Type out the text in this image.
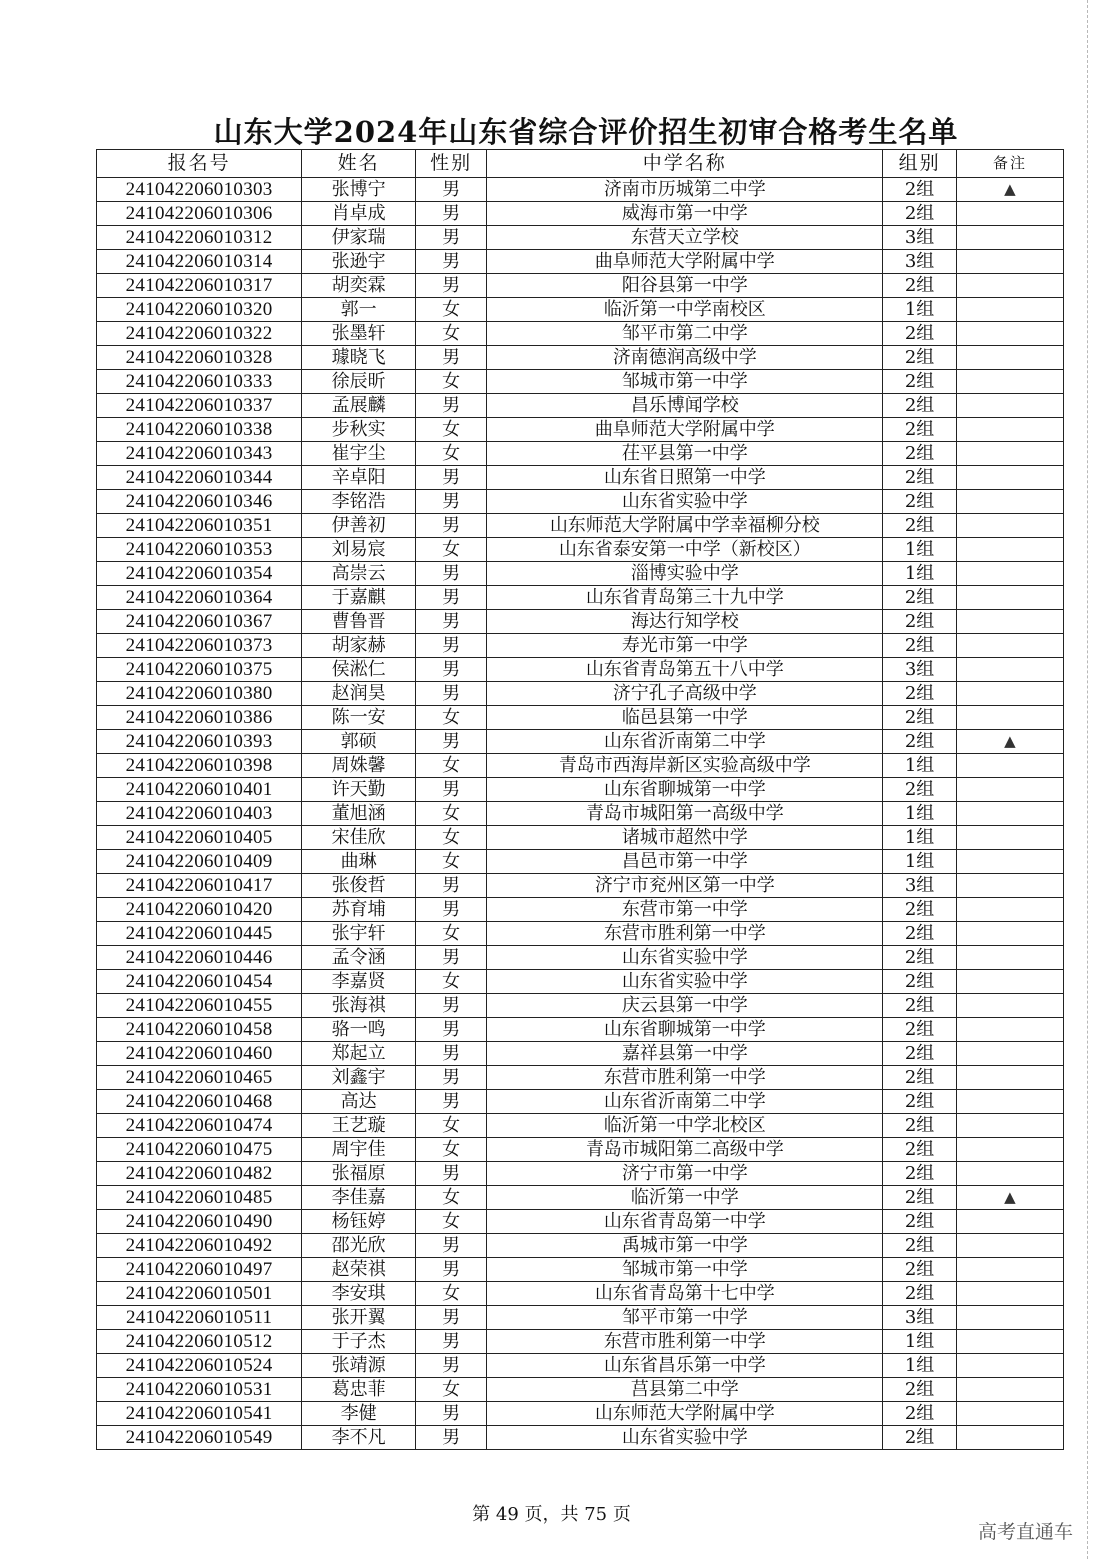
山东大学2024年山东省综合评价招生初审合格考生名单
报名号	姓名	性别	中学名称	组别	备注
241042206010303	张博宁	男	济南市历城第二中学	2组	▲
241042206010306	肖卓成	男	威海市第一中学	2组	
241042206010312	伊家瑞	男	东营天立学校	3组	
241042206010314	张逊宇	男	曲阜师范大学附属中学	3组	
241042206010317	胡奕霖	男	阳谷县第一中学	2组	
241042206010320	郭一	女	临沂第一中学南校区	1组	
241042206010322	张墨轩	女	邹平市第二中学	2组	
241042206010328	璩晓飞	男	济南德润高级中学	2组	
241042206010333	徐辰昕	女	邹城市第一中学	2组	
241042206010337	孟展麟	男	昌乐博闻学校	2组	
241042206010338	步秋实	女	曲阜师范大学附属中学	2组	
241042206010343	崔宇尘	女	茌平县第一中学	2组	
241042206010344	辛卓阳	男	山东省日照第一中学	2组	
241042206010346	李铭浩	男	山东省实验中学	2组	
241042206010351	伊善初	男	山东师范大学附属中学幸福柳分校	2组	
241042206010353	刘易宸	女	山东省泰安第一中学（新校区）	1组	
241042206010354	高崇云	男	淄博实验中学	1组	
241042206010364	于嘉麒	男	山东省青岛第三十九中学	2组	
241042206010367	曹鲁晋	男	海达行知学校	2组	
241042206010373	胡家赫	男	寿光市第一中学	2组	
241042206010375	侯淞仁	男	山东省青岛第五十八中学	3组	
241042206010380	赵润昊	男	济宁孔子高级中学	2组	
241042206010386	陈一安	女	临邑县第一中学	2组	
241042206010393	郭硕	男	山东省沂南第二中学	2组	▲
241042206010398	周姝馨	女	青岛市西海岸新区实验高级中学	1组	
241042206010401	许天勤	男	山东省聊城第一中学	2组	
241042206010403	董旭涵	女	青岛市城阳第一高级中学	1组	
241042206010405	宋佳欣	女	诸城市超然中学	1组	
241042206010409	曲琳	女	昌邑市第一中学	1组	
241042206010417	张俊哲	男	济宁市兖州区第一中学	3组	
241042206010420	苏育埔	男	东营市第一中学	2组	
241042206010445	张宇轩	女	东营市胜利第一中学	2组	
241042206010446	孟令涵	男	山东省实验中学	2组	
241042206010454	李嘉贤	女	山东省实验中学	2组	
241042206010455	张海祺	男	庆云县第一中学	2组	
241042206010458	骆一鸣	男	山东省聊城第一中学	2组	
241042206010460	郑起立	男	嘉祥县第一中学	2组	
241042206010465	刘鑫宇	男	东营市胜利第一中学	2组	
241042206010468	高达	男	山东省沂南第二中学	2组	
241042206010474	王艺璇	女	临沂第一中学北校区	2组	
241042206010475	周宇佳	女	青岛市城阳第二高级中学	2组	
241042206010482	张福原	男	济宁市第一中学	2组	
241042206010485	李佳嘉	女	临沂第一中学	2组	▲
241042206010490	杨钰婷	女	山东省青岛第一中学	2组	
241042206010492	邵光欣	男	禹城市第一中学	2组	
241042206010497	赵荣祺	男	邹城市第一中学	2组	
241042206010501	李安琪	女	山东省青岛第十七中学	2组	
241042206010511	张开翼	男	邹平市第一中学	3组	
241042206010512	于子杰	男	东营市胜利第一中学	1组	
241042206010524	张靖源	男	山东省昌乐第一中学	1组	
241042206010531	葛忠菲	女	莒县第二中学	2组	
241042206010541	李健	男	山东师范大学附属中学	2组	
241042206010549	李不凡	男	山东省实验中学	2组	
第 49 页，共 75 页
高考直通车
